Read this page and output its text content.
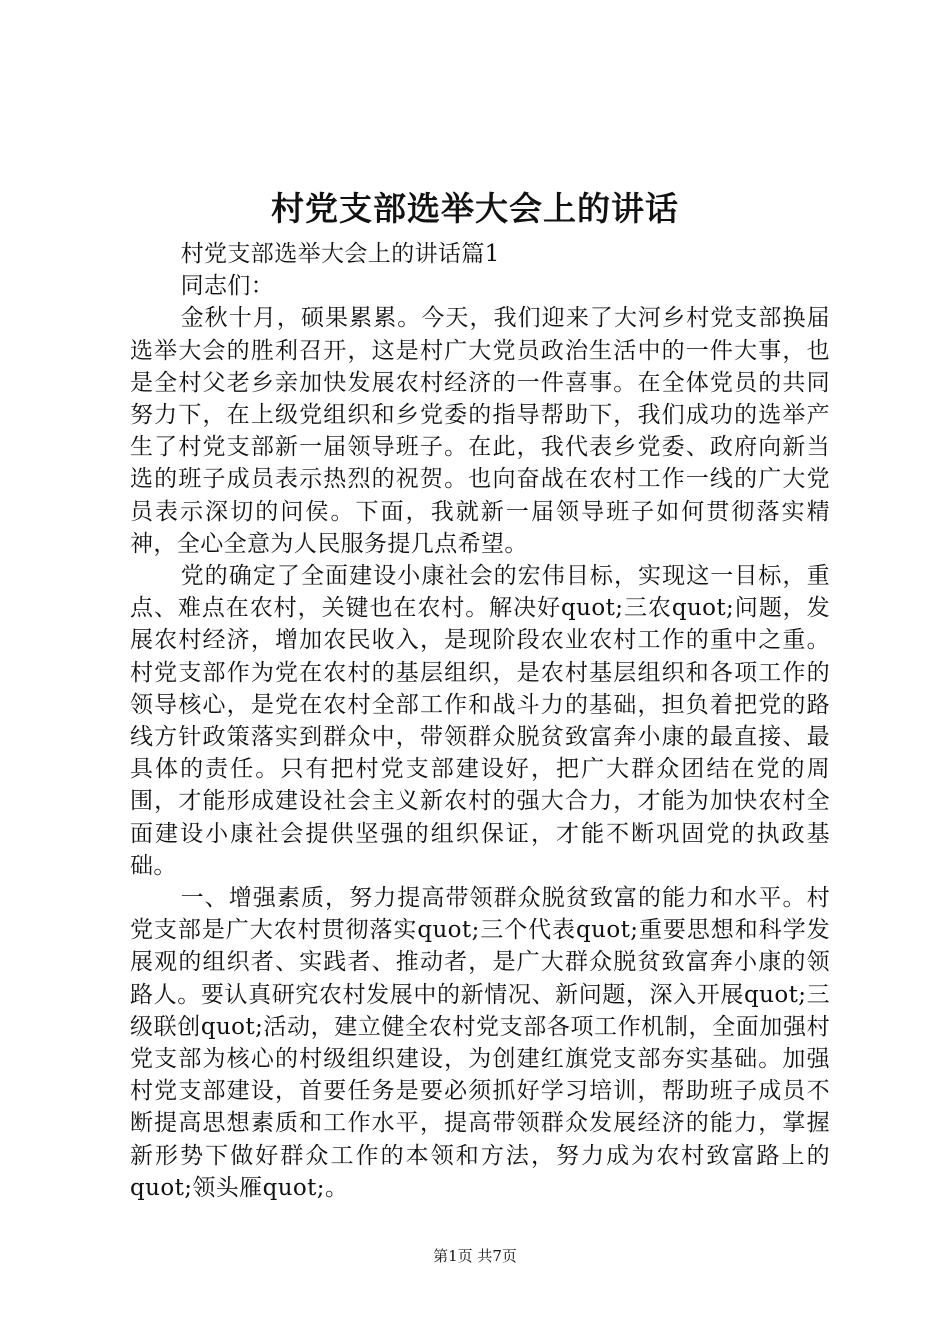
村党支部选举大会上的讲话

村党支部选举大会上的讲话篇1

同志们：

金秋十月，硕果累累。今天，我们迎来了大河乡村党支部换届选举大会的胜利召开，这是村广大党员政治生活中的一件大事，也是全村父老乡亲加快发展农村经济的一件喜事。在全体党员的共同努力下，在上级党组织和乡党委的指导帮助下，我们成功的选举产生了村党支部新一届领导班子。在此，我代表乡党委、政府向新当选的班子成员表示热烈的祝贺。也向奋战在农村工作一线的广大党员表示深切的问侯。下面，我就新一届领导班子如何贯彻落实精神，全心全意为人民服务提几点希望。

党的确定了全面建设小康社会的宏伟目标，实现这一目标，重点、难点在农村，关键也在农村。解决好quot;三农quot;问题，发展农村经济，增加农民收入，是现阶段农业农村工作的重中之重。村党支部作为党在农村的基层组织，是农村基层组织和各项工作的领导核心，是党在农村全部工作和战斗力的基础，担负着把党的路线方针政策落实到群众中，带领群众脱贫致富奔小康的最直接、最具体的责任。只有把村党支部建设好，把广大群众团结在党的周围，才能形成建设社会主义新农村的强大合力，才能为加快农村全面建设小康社会提供坚强的组织保证，才能不断巩固党的执政基础。

一、增强素质，努力提高带领群众脱贫致富的能力和水平。村党支部是广大农村贯彻落实quot;三个代表quot;重要思想和科学发展观的组织者、实践者、推动者，是广大群众脱贫致富奔小康的领路人。要认真研究农村发展中的新情况、新问题，深入开展quot;三级联创quot;活动，建立健全农村党支部各项工作机制，全面加强村党支部为核心的村级组织建设，为创建红旗党支部夯实基础。加强村党支部建设，首要任务是要必须抓好学习培训，帮助班子成员不断提高思想素质和工作水平，提高带领群众发展经济的能力，掌握新形势下做好群众工作的本领和方法，努力成为农村致富路上的quot;领头雁quot;。

第1页 共7页
